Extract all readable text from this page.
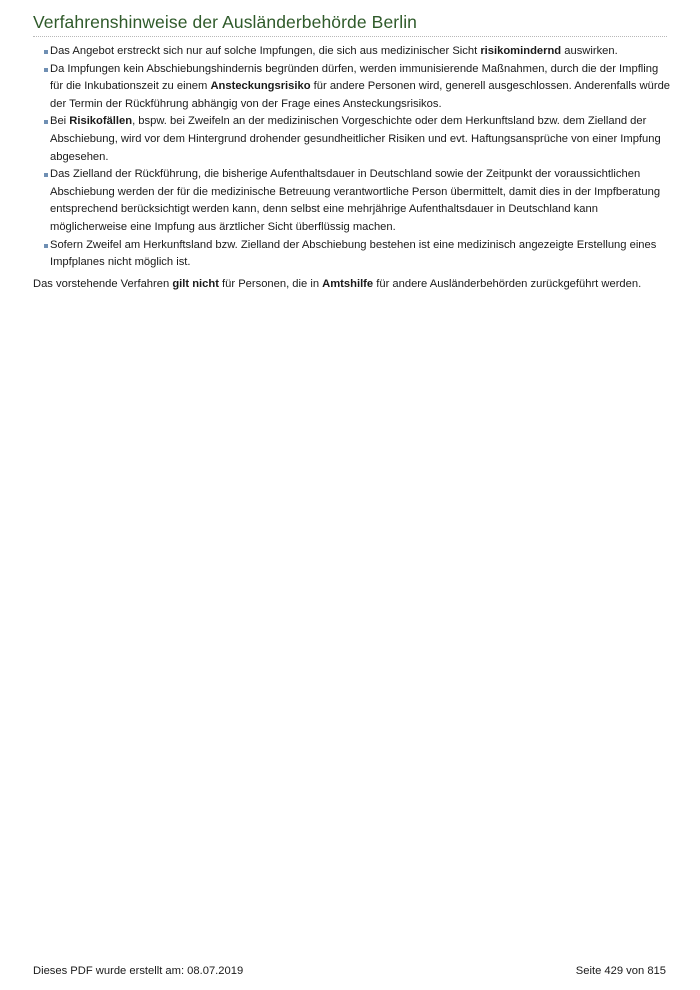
Verfahrenshinweise der Ausländerbehörde Berlin
Das Angebot erstreckt sich nur auf solche Impfungen, die sich aus medizinischer Sicht risikomindernd auswirken.
Da Impfungen kein Abschiebungshindernis begründen dürfen, werden immunisierende Maßnahmen, durch die der Impfling für die Inkubationszeit zu einem Ansteckungsrisiko für andere Personen wird, generell ausgeschlossen. Anderenfalls würde der Termin der Rückführung abhängig von der Frage eines Ansteckungsrisikos.
Bei Risikofällen, bspw. bei Zweifeln an der medizinischen Vorgeschichte oder dem Herkunftsland bzw. dem Zielland der Abschiebung, wird vor dem Hintergrund drohender gesundheitlicher Risiken und evt. Haftungsansprüche von einer Impfung abgesehen.
Das Zielland der Rückführung, die bisherige Aufenthaltsdauer in Deutschland sowie der Zeitpunkt der voraussichtlichen Abschiebung werden der für die medizinische Betreuung verantwortliche Person übermittelt, damit dies in der Impfberatung entsprechend berücksichtigt werden kann, denn selbst eine mehrjährige Aufenthaltsdauer in Deutschland kann möglicherweise eine Impfung aus ärztlicher Sicht überflüssig machen.
Sofern Zweifel am Herkunftsland bzw. Zielland der Abschiebung bestehen ist eine medizinisch angezeigte Erstellung eines Impfplanes nicht möglich ist.

Das vorstehende Verfahren gilt nicht für Personen, die in Amtshilfe für andere Ausländerbehörden zurückgeführt werden.

Dieses PDF wurde erstellt am: 08.07.2019	Seite 429 von 815
